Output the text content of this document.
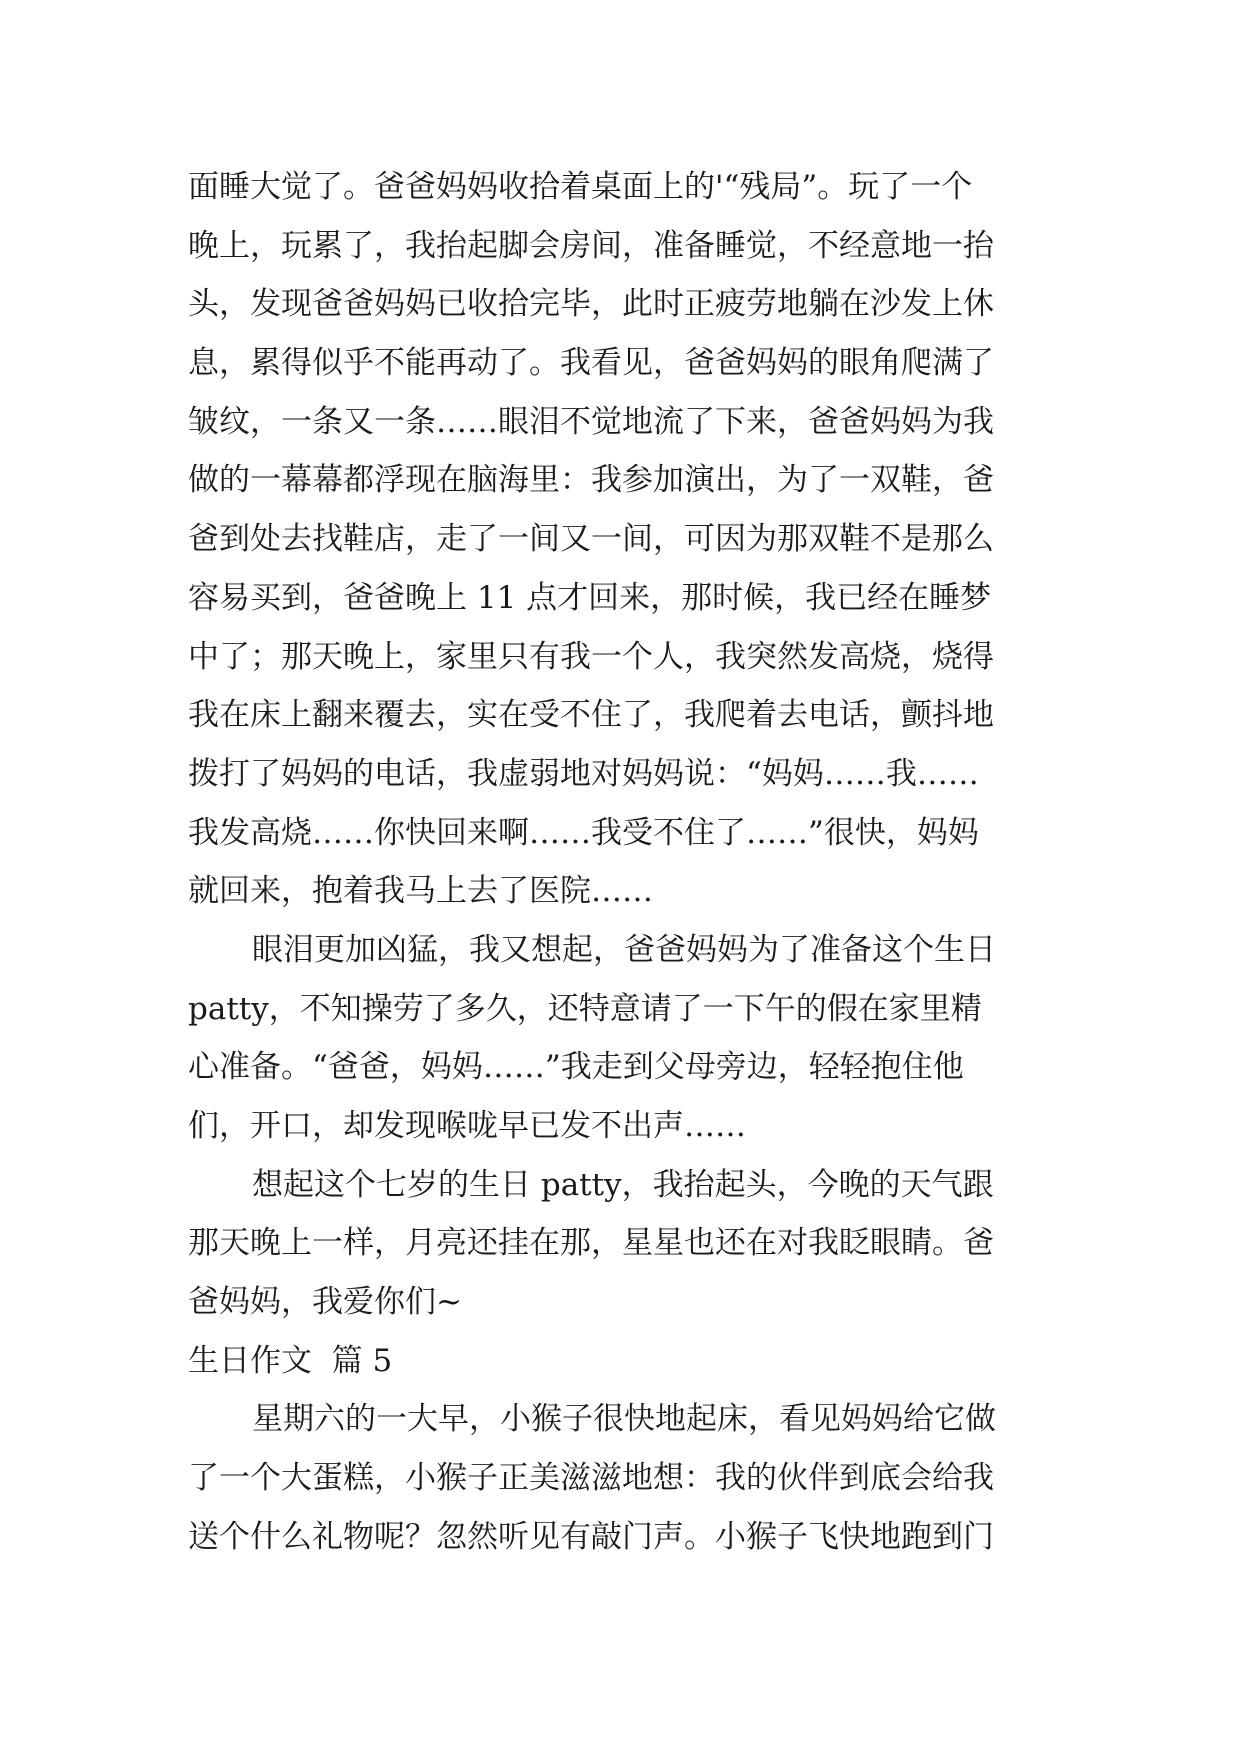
面睡大觉了。爸爸妈妈收拾着桌面上的'“残局”。玩了一个
晚上，玩累了，我抬起脚会房间，准备睡觉，不经意地一抬
头，发现爸爸妈妈已收拾完毕，此时正疲劳地躺在沙发上休
息，累得似乎不能再动了。我看见，爸爸妈妈的眼角爬满了
皱纹，一条又一条……眼泪不觉地流了下来，爸爸妈妈为我
做的一幕幕都浮现在脑海里：我参加演出，为了一双鞋，爸
爸到处去找鞋店，走了一间又一间，可因为那双鞋不是那么
容易买到，爸爸晚上 11 点才回来，那时候，我已经在睡梦
中了；那天晚上，家里只有我一个人，我突然发高烧，烧得
我在床上翻来覆去，实在受不住了，我爬着去电话，颤抖地
拨打了妈妈的电话，我虚弱地对妈妈说：“妈妈……我……
我发高烧……你快回来啊……我受不住了……”很快，妈妈
就回来，抱着我马上去了医院……
眼泪更加凶猛，我又想起，爸爸妈妈为了准备这个生日
patty，不知操劳了多久，还特意请了一下午的假在家里精
心准备。“爸爸，妈妈……”我走到父母旁边，轻轻抱住他
们，开口，却发现喉咙早已发不出声……
想起这个七岁的生日 patty，我抬起头，今晚的天气跟
那天晚上一样，月亮还挂在那，星星也还在对我眨眼睛。爸
爸妈妈，我爱你们~
生日作文  篇 5
星期六的一大早，小猴子很快地起床，看见妈妈给它做
了一个大蛋糕，小猴子正美滋滋地想：我的伙伴到底会给我
送个什么礼物呢？忽然听见有敲门声。小猴子飞快地跑到门
